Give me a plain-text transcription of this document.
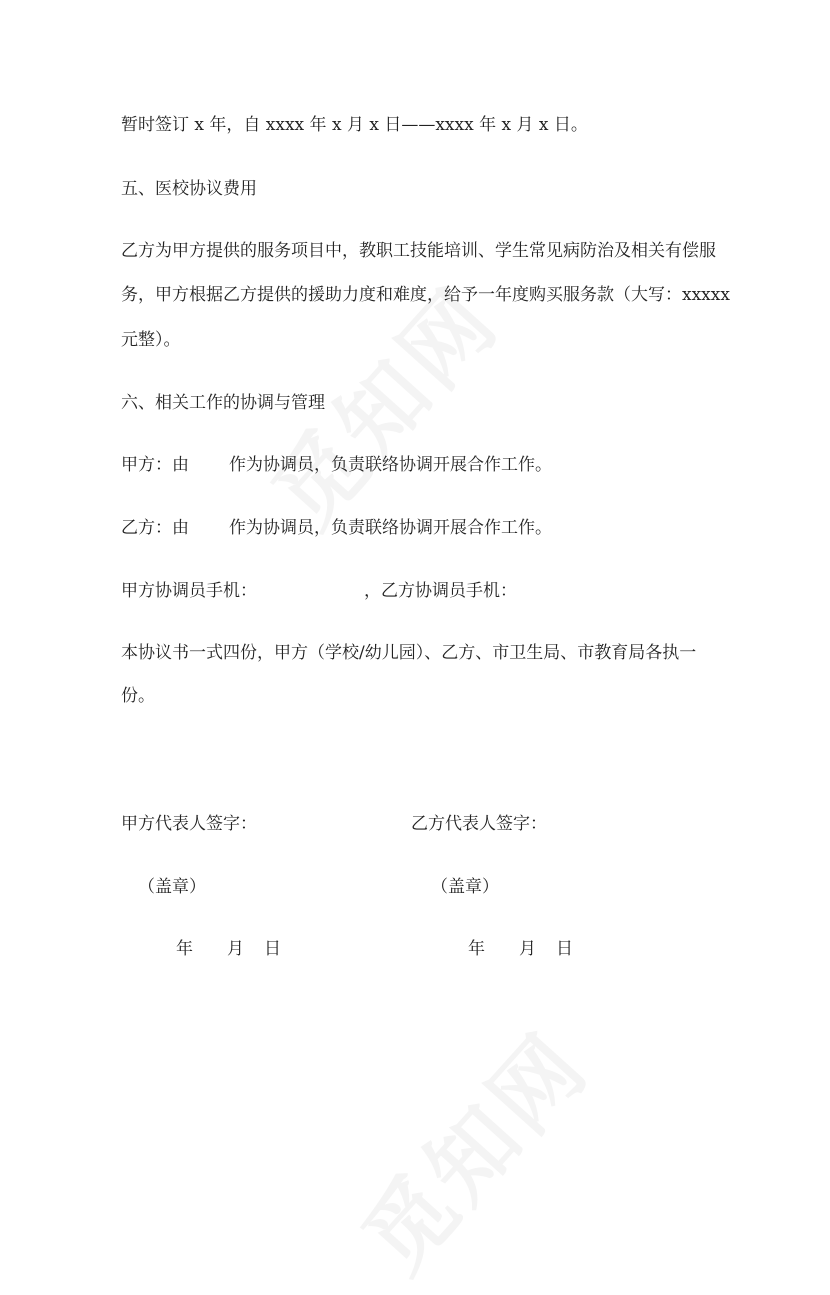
暂时签订 x 年，自 xxxx 年 x 月 x 日——xxxx 年 x 月 x 日。
五、医校协议费用
乙方为甲方提供的服务项目中，教职工技能培训、学生常见病防治及相关有偿服
务，甲方根据乙方提供的援助力度和难度，给予一年度购买服务款（大写：xxxxx
元整）。
六、相关工作的协调与管理
甲方：由 作为协调员，负责联络协调开展合作工作。
乙方：由 作为协调员，负责联络协调开展合作工作。
甲方协调员手机：	，乙方协调员手机：
本协议书一式四份，甲方（学校/幼儿园）、乙方、市卫生局、市教育局各执一
份。
甲方代表人签字：	乙方代表人签字：
（盖章）	（盖章）
年 月 日	年 月 日
